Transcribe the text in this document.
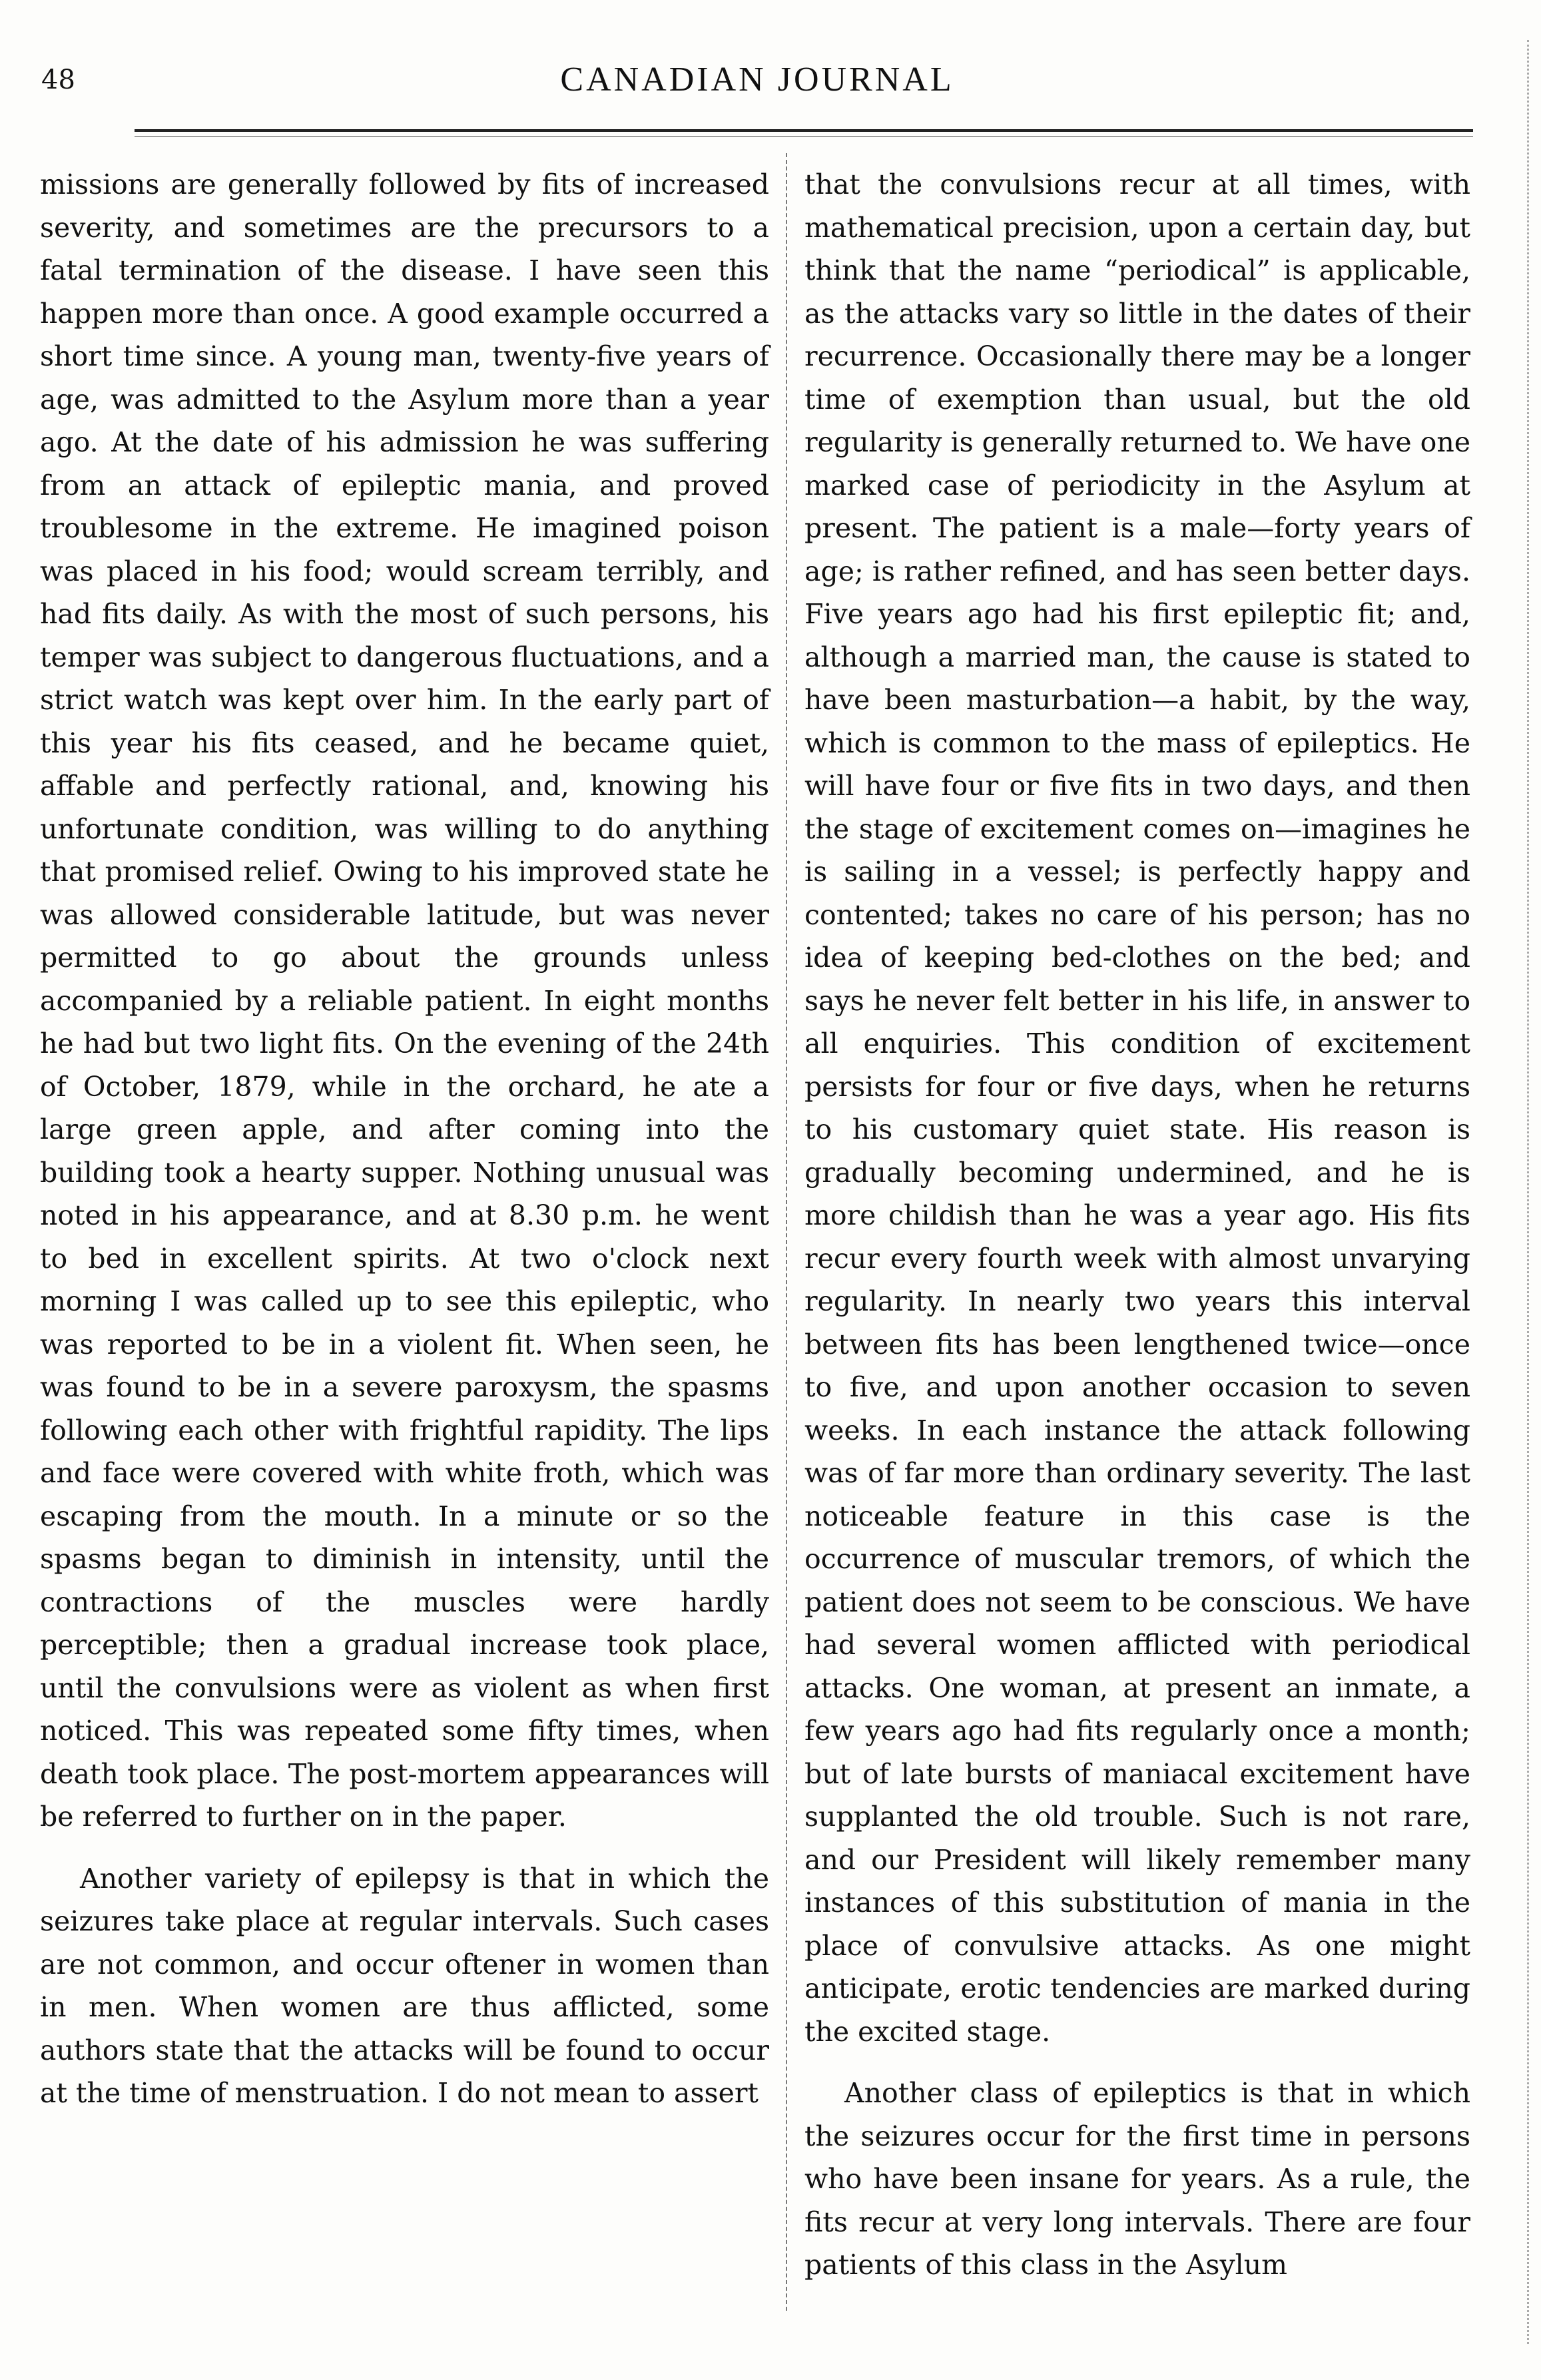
48	CANADIAN JOURNAL

missions are generally followed by fits of increased severity, and sometimes are the precursors to a fatal termination of the disease. I have seen this happen more than once. A good example occurred a short time since. A young man, twenty-five years of age, was admitted to the Asylum more than a year ago. At the date of his admission he was suffering from an attack of epileptic mania, and proved troublesome in the extreme. He imagined poison was placed in his food; would scream terribly, and had fits daily. As with the most of such persons, his temper was subject to dangerous fluctuations, and a strict watch was kept over him. In the early part of this year his fits ceased, and he became quiet, affable and perfectly rational, and, knowing his unfortunate condition, was willing to do anything that promised relief. Owing to his improved state he was allowed considerable latitude, but was never permitted to go about the grounds unless accompanied by a reliable patient. In eight months he had but two light fits. On the evening of the 24th of October, 1879, while in the orchard, he ate a large green apple, and after coming into the building took a hearty supper. Nothing unusual was noted in his appearance, and at 8.30 p.m. he went to bed in excellent spirits. At two o'clock next morning I was called up to see this epileptic, who was reported to be in a violent fit. When seen, he was found to be in a severe paroxysm, the spasms following each other with frightful rapidity. The lips and face were covered with white froth, which was escaping from the mouth. In a minute or so the spasms began to diminish in intensity, until the contractions of the muscles were hardly perceptible; then a gradual increase took place, until the convulsions were as violent as when first noticed. This was repeated some fifty times, when death took place. The post-mortem appearances will be referred to further on in the paper.

Another variety of epilepsy is that in which the seizures take place at regular intervals. Such cases are not common, and occur oftener in women than in men. When women are thus afflicted, some authors state that the attacks will be found to occur at the time of menstruation. I do not mean to assert

that the convulsions recur at all times, with mathematical precision, upon a certain day, but think that the name “periodical” is applicable, as the attacks vary so little in the dates of their recurrence. Occasionally there may be a longer time of exemption than usual, but the old regularity is generally returned to. We have one marked case of periodicity in the Asylum at present. The patient is a male—forty years of age; is rather refined, and has seen better days. Five years ago had his first epileptic fit; and, although a married man, the cause is stated to have been masturbation—a habit, by the way, which is common to the mass of epileptics. He will have four or five fits in two days, and then the stage of excitement comes on—imagines he is sailing in a vessel; is perfectly happy and contented; takes no care of his person; has no idea of keeping bed-clothes on the bed; and says he never felt better in his life, in answer to all enquiries. This condition of excitement persists for four or five days, when he returns to his customary quiet state. His reason is gradually becoming undermined, and he is more childish than he was a year ago. His fits recur every fourth week with almost unvarying regularity. In nearly two years this interval between fits has been lengthened twice—once to five, and upon another occasion to seven weeks. In each instance the attack following was of far more than ordinary severity. The last noticeable feature in this case is the occurrence of muscular tremors, of which the patient does not seem to be conscious. We have had several women afflicted with periodical attacks. One woman, at present an inmate, a few years ago had fits regularly once a month; but of late bursts of maniacal excitement have supplanted the old trouble. Such is not rare, and our President will likely remember many instances of this substitution of mania in the place of convulsive attacks. As one might anticipate, erotic tendencies are marked during the excited stage.

Another class of epileptics is that in which the seizures occur for the first time in persons who have been insane for years. As a rule, the fits recur at very long intervals. There are four patients of this class in the Asylum
